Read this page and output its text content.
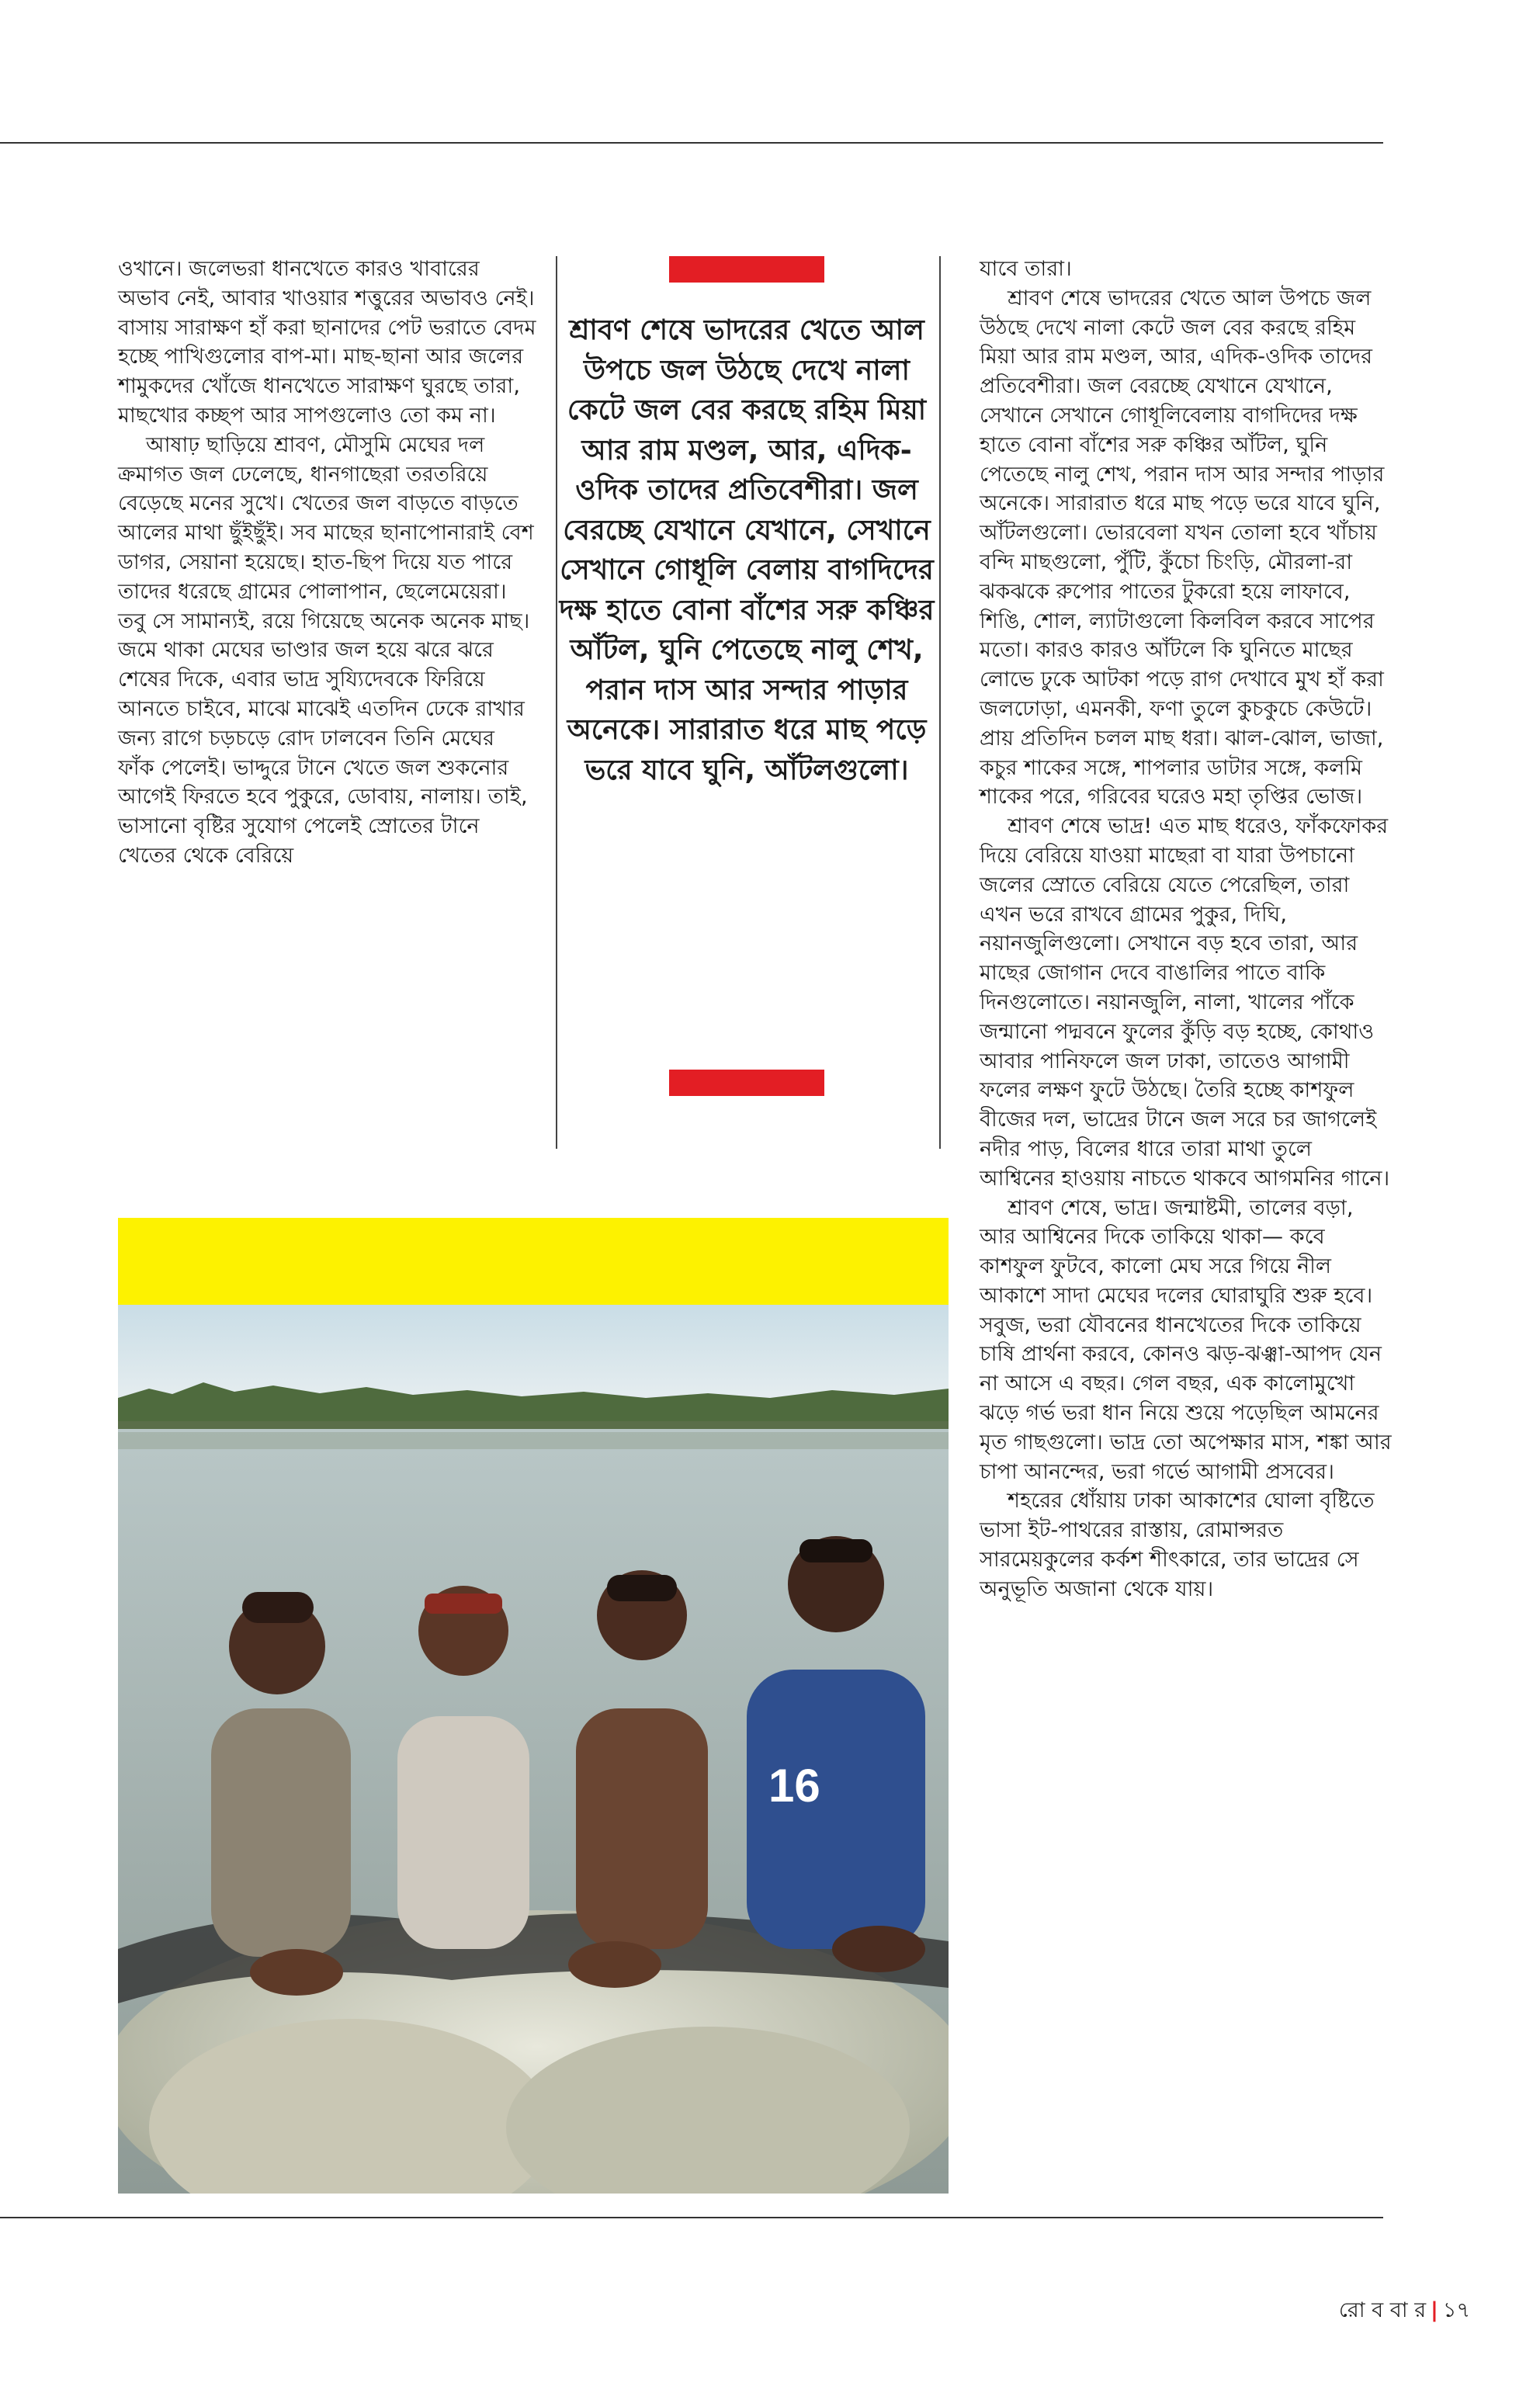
ওখানে। জলেভরা ধানখেতে কারও খাবারের অভাব নেই, আবার খাওয়ার শত্তুরের অভাবও নেই। বাসায় সারাক্ষণ হাঁ করা ছানাদের পেট ভরাতে বেদম হচ্ছে পাখিগুলোর বাপ-মা। মাছ-ছানা আর জলের শামুকদের খোঁজে ধানখেতে সারাক্ষণ ঘুরছে তারা, মাছখোর কচ্ছপ আর সাপগুলোও তো কম না।

আষাঢ় ছাড়িয়ে শ্রাবণ, মৌসুমি মেঘের দল ক্রমাগত জল ঢেলেছে, ধানগাছেরা তরতরিয়ে বেড়েছে মনের সুখে। খেতের জল বাড়তে বাড়তে আলের মাথা ছুঁইছুঁই। সব মাছের ছানাপোনারাই বেশ ডাগর, সেয়ানা হয়েছে। হাত-ছিপ দিয়ে যত পারে তাদের ধরেছে গ্রামের পোলাপান, ছেলেমেয়েরা। তবু সে সামান্যই, রয়ে গিয়েছে অনেক অনেক মাছ। জমে থাকা মেঘের ভাণ্ডার জল হয়ে ঝরে ঝরে শেষের দিকে, এবার ভাদ্র সুয্যিদেবকে ফিরিয়ে আনতে চাইবে, মাঝে মাঝেই এতদিন ঢেকে রাখার জন্য রাগে চড়চড়ে রোদ ঢালবেন তিনি মেঘের ফাঁক পেলেই। ভাদ্দুরে টানে খেতে জল শুকনোর আগেই ফিরতে হবে পুকুরে, ডোবায়, নালায়। তাই, ভাসানো বৃষ্টির সুযোগ পেলেই স্রোতের টানে খেতের থেকে বেরিয়ে

শ্রাবণ শেষে ভাদরের খেতে আল উপচে জল উঠছে দেখে নালা কেটে জল বের করছে রহিম মিয়া আর রাম মণ্ডল, আর, এদিক-ওদিক তাদের প্রতিবেশীরা। জল বেরচ্ছে যেখানে যেখানে, সেখানে সেখানে গোধূলি বেলায় বাগদিদের দক্ষ হাতে বোনা বাঁশের সরু কঞ্চির আঁটল, ঘুনি পেতেছে নালু শেখ, পরান দাস আর সন্দার পাড়ার অনেকে। সারারাত ধরে মাছ পড়ে ভরে যাবে ঘুনি, আঁটলগুলো।

যাবে তারা।

শ্রাবণ শেষে ভাদরের খেতে আল উপচে জল উঠছে দেখে নালা কেটে জল বের করছে রহিম মিয়া আর রাম মণ্ডল, আর, এদিক-ওদিক তাদের প্রতিবেশীরা। জল বেরচ্ছে যেখানে যেখানে, সেখানে সেখানে গোধূলিবেলায় বাগদিদের দক্ষ হাতে বোনা বাঁশের সরু কঞ্চির আঁটল, ঘুনি পেতেছে নালু শেখ, পরান দাস আর সন্দার পাড়ার অনেকে। সারারাত ধরে মাছ পড়ে ভরে যাবে ঘুনি, আঁটলগুলো। ভোরবেলা যখন তোলা হবে খাঁচায় বন্দি মাছগুলো, পুঁটি, কুঁচো চিংড়ি, মৌরলা-রা ঝকঝকে রুপোর পাতের টুকরো হয়ে লাফাবে, শিঙি, শোল, ল্যাটাগুলো কিলবিল করবে সাপের মতো। কারও কারও আঁটলে কি ঘুনিতে মাছের লোভে ঢুকে আটকা পড়ে রাগ দেখাবে মুখ হাঁ করা জলঢোড়া, এমনকী, ফণা তুলে কুচকুচে কেউটে। প্রায় প্রতিদিন চলল মাছ ধরা। ঝাল-ঝোল, ভাজা, কচুর শাকের সঙ্গে, শাপলার ডাটার সঙ্গে, কলমি শাকের পরে, গরিবের ঘরেও মহা তৃপ্তির ভোজ।

শ্রাবণ শেষে ভাদ্র! এত মাছ ধরেও, ফাঁকফোকর দিয়ে বেরিয়ে যাওয়া মাছেরা বা যারা উপচানো জলের স্রোতে বেরিয়ে যেতে পেরেছিল, তারা এখন ভরে রাখবে গ্রামের পুকুর, দিঘি, নয়ানজুলিগুলো। সেখানে বড় হবে তারা, আর মাছের জোগান দেবে বাঙালির পাতে বাকি দিনগুলোতে। নয়ানজুলি, নালা, খালের পাঁকে জন্মানো পদ্মবনে ফুলের কুঁড়ি বড় হচ্ছে, কোথাও আবার পানিফলে জল ঢাকা, তাতেও আগামী ফলের লক্ষণ ফুটে উঠছে। তৈরি হচ্ছে কাশফুল বীজের দল, ভাদ্রের টানে জল সরে চর জাগলেই নদীর পাড়, বিলের ধারে তারা মাথা তুলে আশ্বিনের হাওয়ায় নাচতে থাকবে আগমনির গানে।

শ্রাবণ শেষে, ভাদ্র। জন্মাষ্টমী, তালের বড়া, আর আশ্বিনের দিকে তাকিয়ে থাকা— কবে কাশফুল ফুটবে, কালো মেঘ সরে গিয়ে নীল আকাশে সাদা মেঘের দলের ঘোরাঘুরি শুরু হবে। সবুজ, ভরা যৌবনের ধানখেতের দিকে তাকিয়ে চাষি প্রার্থনা করবে, কোনও ঝড়-ঝঞ্ঝা-আপদ যেন না আসে এ বছর। গেল বছর, এক কালোমুখো ঝড়ে গর্ভ ভরা ধান নিয়ে শুয়ে পড়েছিল আমনের মৃত গাছগুলো। ভাদ্র তো অপেক্ষার মাস, শঙ্কা আর চাপা আনন্দের, ভরা গর্ভে আগামী প্রসবের।

শহরের ধোঁয়ায় ঢাকা আকাশের ঘোলা বৃষ্টিতে ভাসা ইট-পাথরের রাস্তায়, রোমান্সরত সারমেয়কুলের কর্কশ শীৎকারে, তার ভাদ্রের সে অনুভূতি অজানা থেকে যায়।

16
রো ব বা র | ১৭
